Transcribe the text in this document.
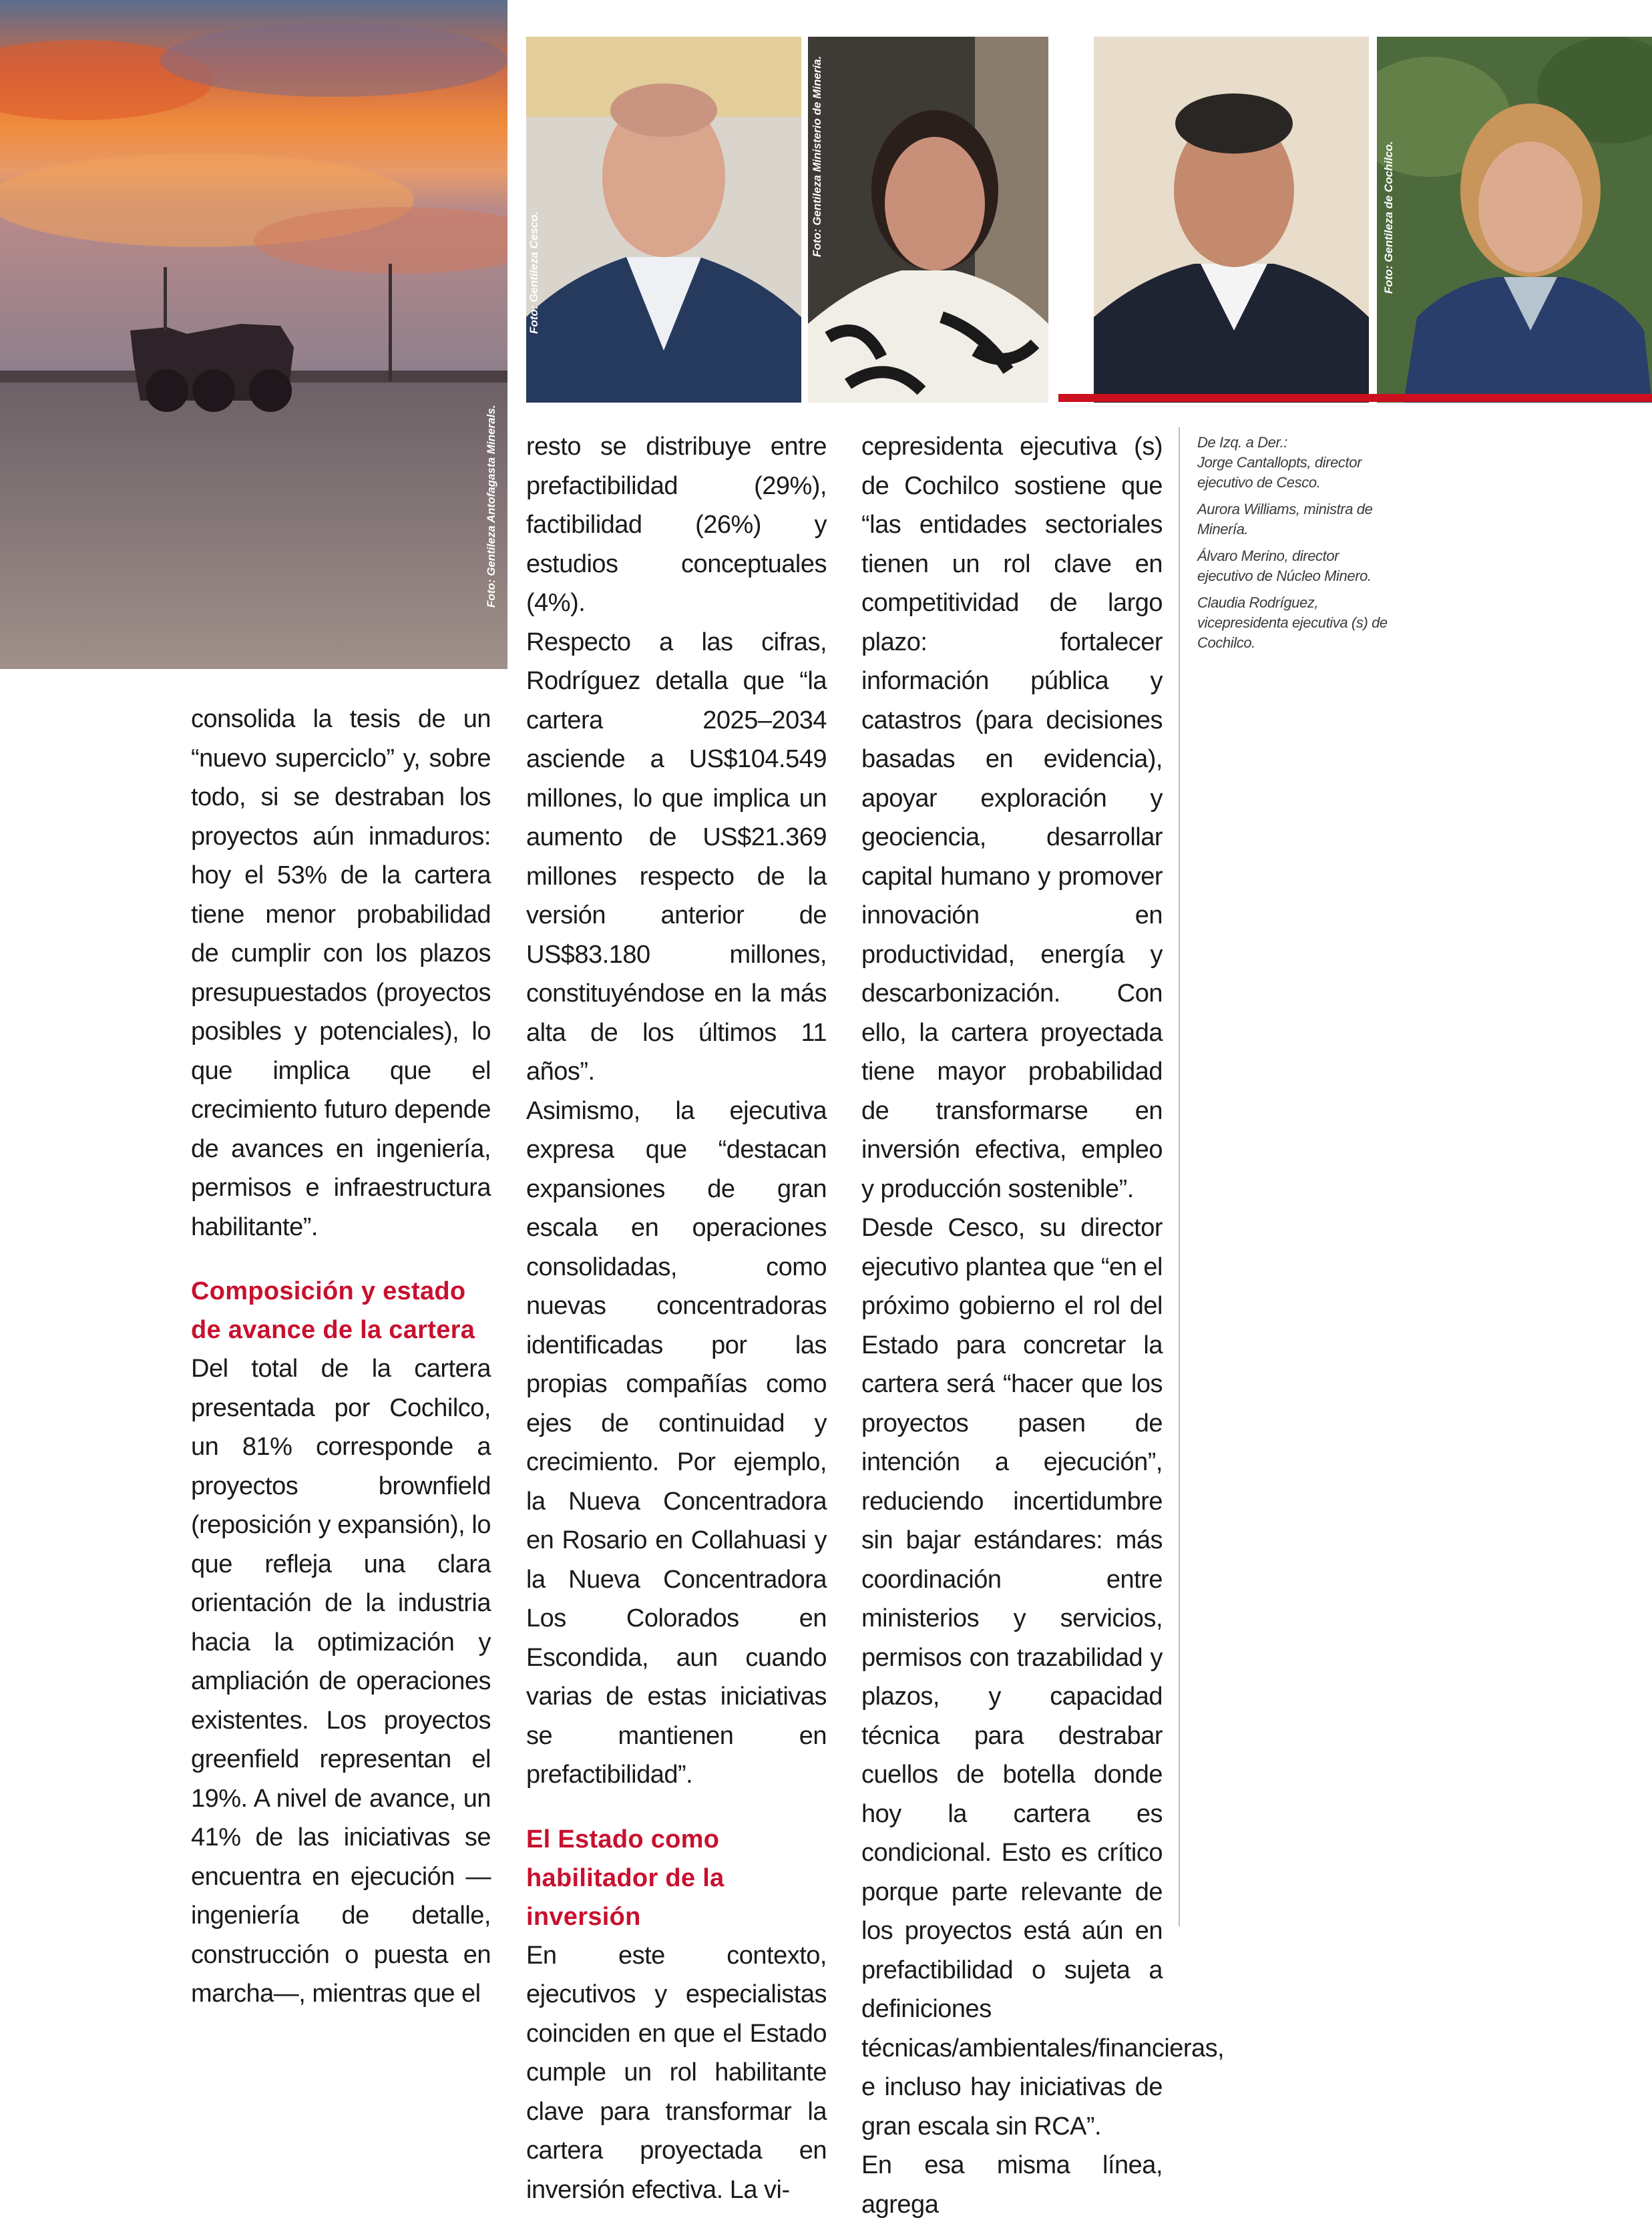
Foto: Gentileza Antofagasta Minerals.
Foto: Gentileza Cesco.
Foto: Gentileza Ministerio de Minería.	Foto: Gentileza de Cochilco.

consolida la tesis de un “nuevo superciclo” y, sobre todo, si se destraban los proyectos aún inmaduros: hoy el 53% de la cartera tiene menor probabilidad de cumplir con los plazos presupuestados (proyectos posibles y potenciales), lo que implica que el crecimiento futuro depende de avances en ingeniería, permisos e infraestructura habilitante”.

Composición y estado de avance de la cartera

Del total de la cartera presentada por Cochilco, un 81% corresponde a proyectos brownfield (reposición y expansión), lo que refleja una clara orientación de la industria hacia la optimización y ampliación de operaciones existentes. Los proyectos greenfield representan el 19%. A nivel de avance, un 41% de las iniciativas se encuentra en ejecución —ingeniería de detalle, construcción o puesta en marcha—, mientras que el

resto se distribuye entre prefactibilidad (29%), factibilidad (26%) y estudios conceptuales (4%).

Respecto a las cifras, Rodríguez detalla que “la cartera 2025–2034 asciende a US$104.549 millones, lo que implica un aumento de US$21.369 millones respecto de la versión anterior de US$83.180 millones, constituyéndose en la más alta de los últimos 11 años”.

Asimismo, la ejecutiva expresa que “destacan expansiones de gran escala en operaciones consolidadas, como nuevas concentradoras identificadas por las propias compañías como ejes de continuidad y crecimiento. Por ejemplo, la Nueva Concentradora en Rosario en Collahuasi y la Nueva Concentradora Los Colorados en Escondida, aun cuando varias de estas iniciativas se mantienen en prefactibilidad”.

El Estado como habilitador de la inversión

En este contexto, ejecutivos y especialistas coinciden en que el Estado cumple un rol habilitante clave para transformar la cartera proyectada en inversión efectiva. La vi-

cepresidenta ejecutiva (s) de Cochilco sostiene que “las entidades sectoriales tienen un rol clave en competitividad de largo plazo: fortalecer información pública y catastros (para decisiones basadas en evidencia), apoyar exploración y geociencia, desarrollar capital humano y promover innovación en productividad, energía y descarbonización. Con ello, la cartera proyectada tiene mayor probabilidad de transformarse en inversión efectiva, empleo y producción sostenible”.

Desde Cesco, su director ejecutivo plantea que “en el próximo gobierno el rol del Estado para concretar la cartera será “hacer que los proyectos pasen de intención a ejecución”, reduciendo incertidumbre sin bajar estándares: más coordinación entre ministerios y servicios, permisos con trazabilidad y plazos, y capacidad técnica para destrabar cuellos de botella donde hoy la cartera es condicional. Esto es crítico porque parte relevante de los proyectos está aún en prefactibilidad o sujeta a definiciones técnicas/ambientales/financieras, e incluso hay iniciativas de gran escala sin RCA”.

En esa misma línea, agrega

De Izq. a Der.:

Jorge Cantallopts, director ejecutivo de Cesco.

Aurora Williams, ministra de Minería.

Álvaro Merino, director ejecutivo de Núcleo Minero.

Claudia Rodríguez, vicepresidenta ejecutiva (s) de Cochilco.
